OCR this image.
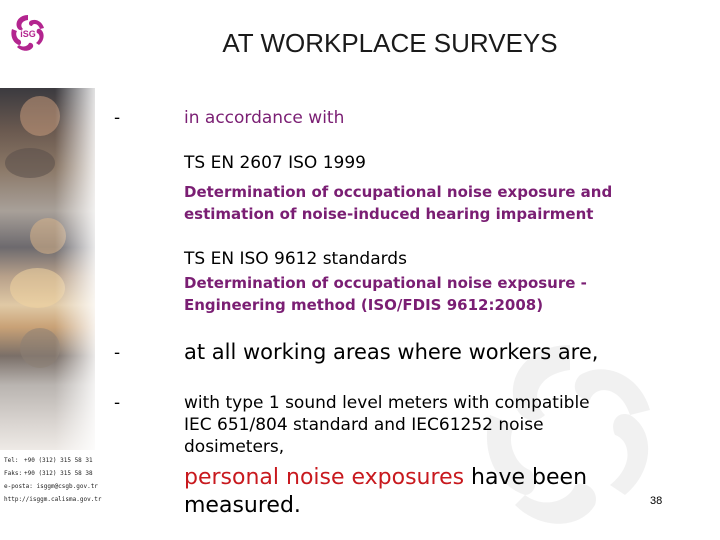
iSG
Tel: +90 (312) 315 58 31
Faks: +90 (312) 315 58 38
e-posta: isggm@csgb.gov.tr
http://isggm.calisma.gov.tr
AT WORKPLACE SURVEYS
-	in accordance with
TS EN 2607 ISO 1999
Determination of occupational noise exposure and estimation of noise-induced hearing impairment
TS EN ISO 9612 standards
Determination of occupational noise exposure - Engineering method (ISO/FDIS 9612:2008)
-	at all working areas where workers are,
-	with type 1 sound level meters with compatible IEC 651/804 standard and IEC61252 noise dosimeters,
personal noise exposures have been measured.	38
